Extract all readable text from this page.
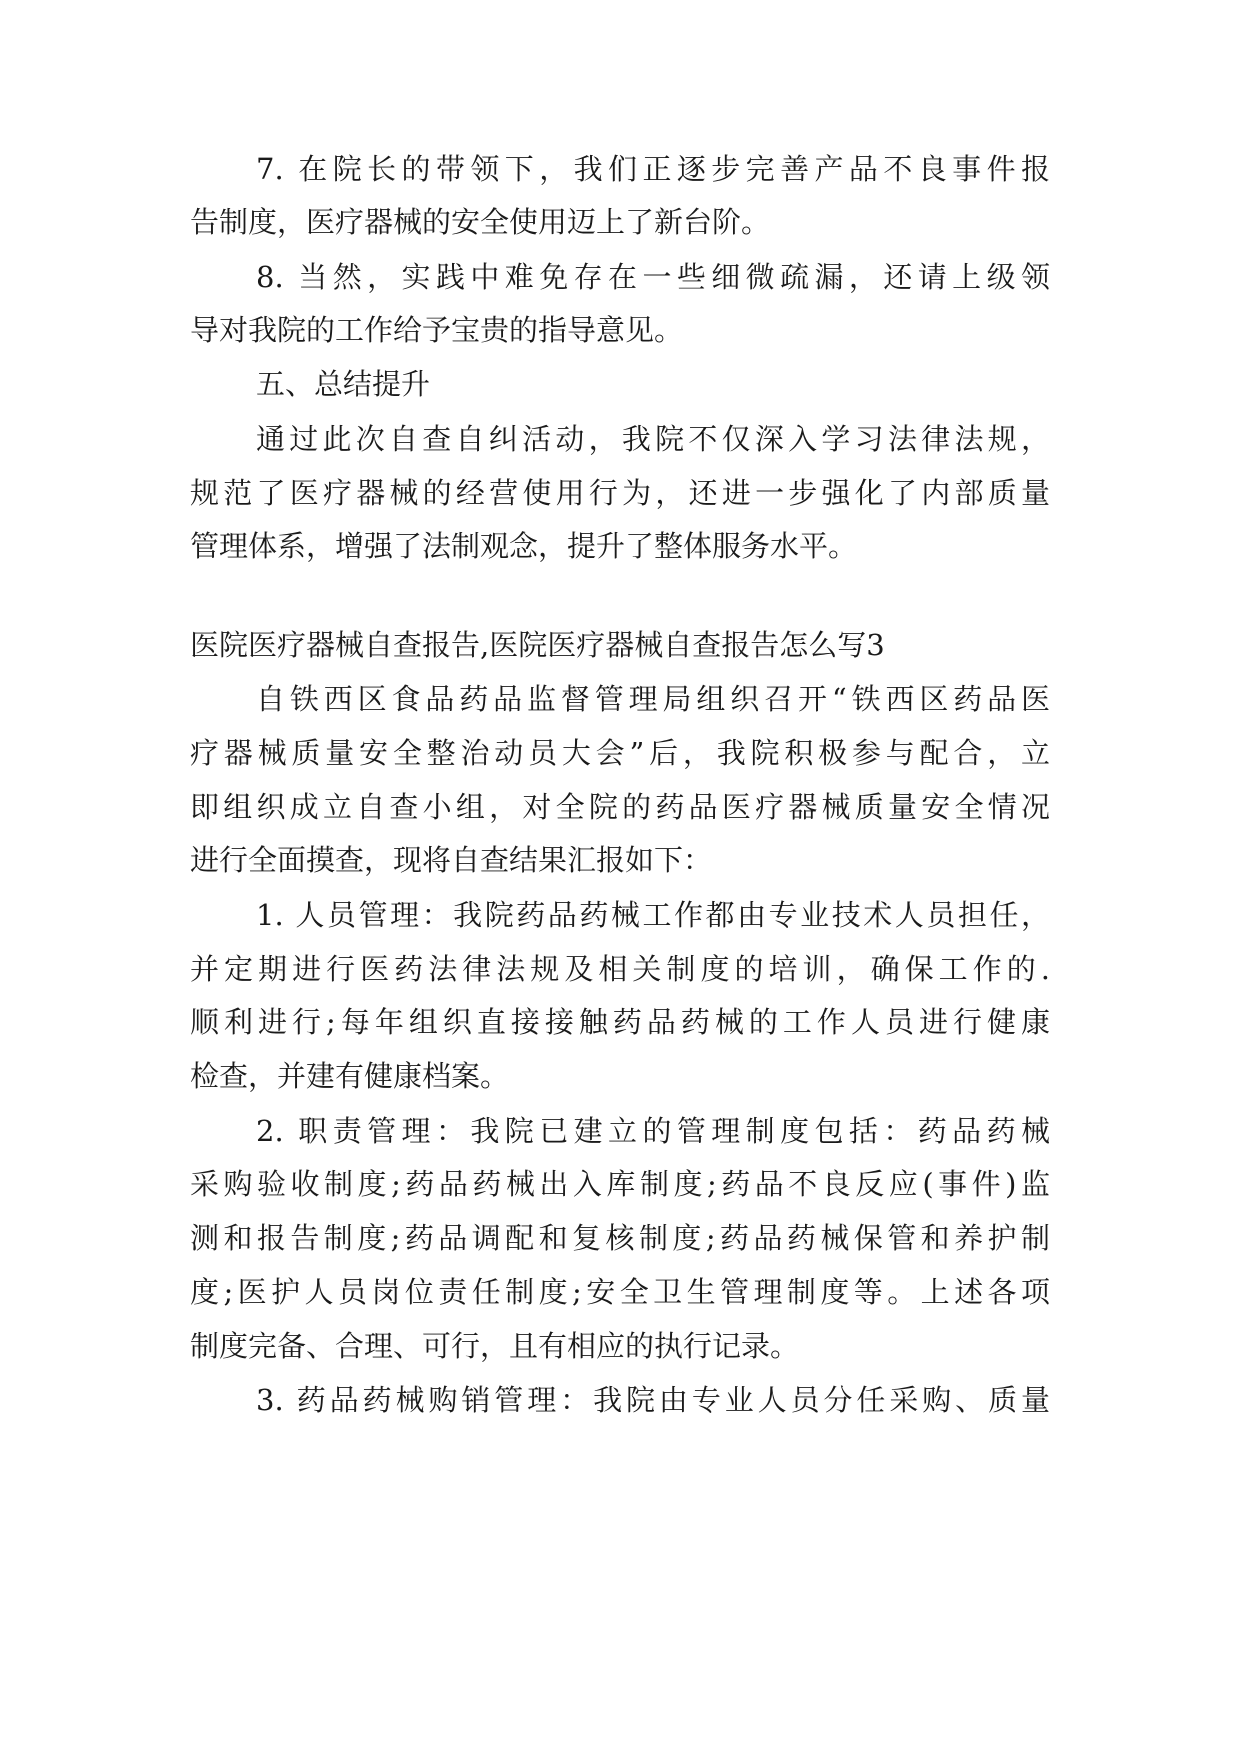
7. 在院长的带领下，我们正逐步完善产品不良事件报
告制度，医疗器械的安全使用迈上了新台阶。
8. 当然，实践中难免存在一些细微疏漏，还请上级领
导对我院的工作给予宝贵的指导意见。
五、总结提升
通过此次自查自纠活动，我院不仅深入学习法律法规，
规范了医疗器械的经营使用行为，还进一步强化了内部质量
管理体系，增强了法制观念，提升了整体服务水平。
医院医疗器械自查报告,医院医疗器械自查报告怎么写3
自铁西区食品药品监督管理局组织召开“铁西区药品医
疗器械质量安全整治动员大会”后，我院积极参与配合，立
即组织成立自查小组，对全院的药品医疗器械质量安全情况
进行全面摸查，现将自查结果汇报如下：
1. 人员管理：我院药品药械工作都由专业技术人员担任，
并定期进行医药法律法规及相关制度的培训，确保工作的.
顺利进行;每年组织直接接触药品药械的工作人员进行健康
检查，并建有健康档案。
2. 职责管理：我院已建立的管理制度包括：药品药械
采购验收制度;药品药械出入库制度;药品不良反应(事件)监
测和报告制度;药品调配和复核制度;药品药械保管和养护制
度;医护人员岗位责任制度;安全卫生管理制度等。上述各项
制度完备、合理、可行，且有相应的执行记录。
3. 药品药械购销管理：我院由专业人员分任采购、质量
